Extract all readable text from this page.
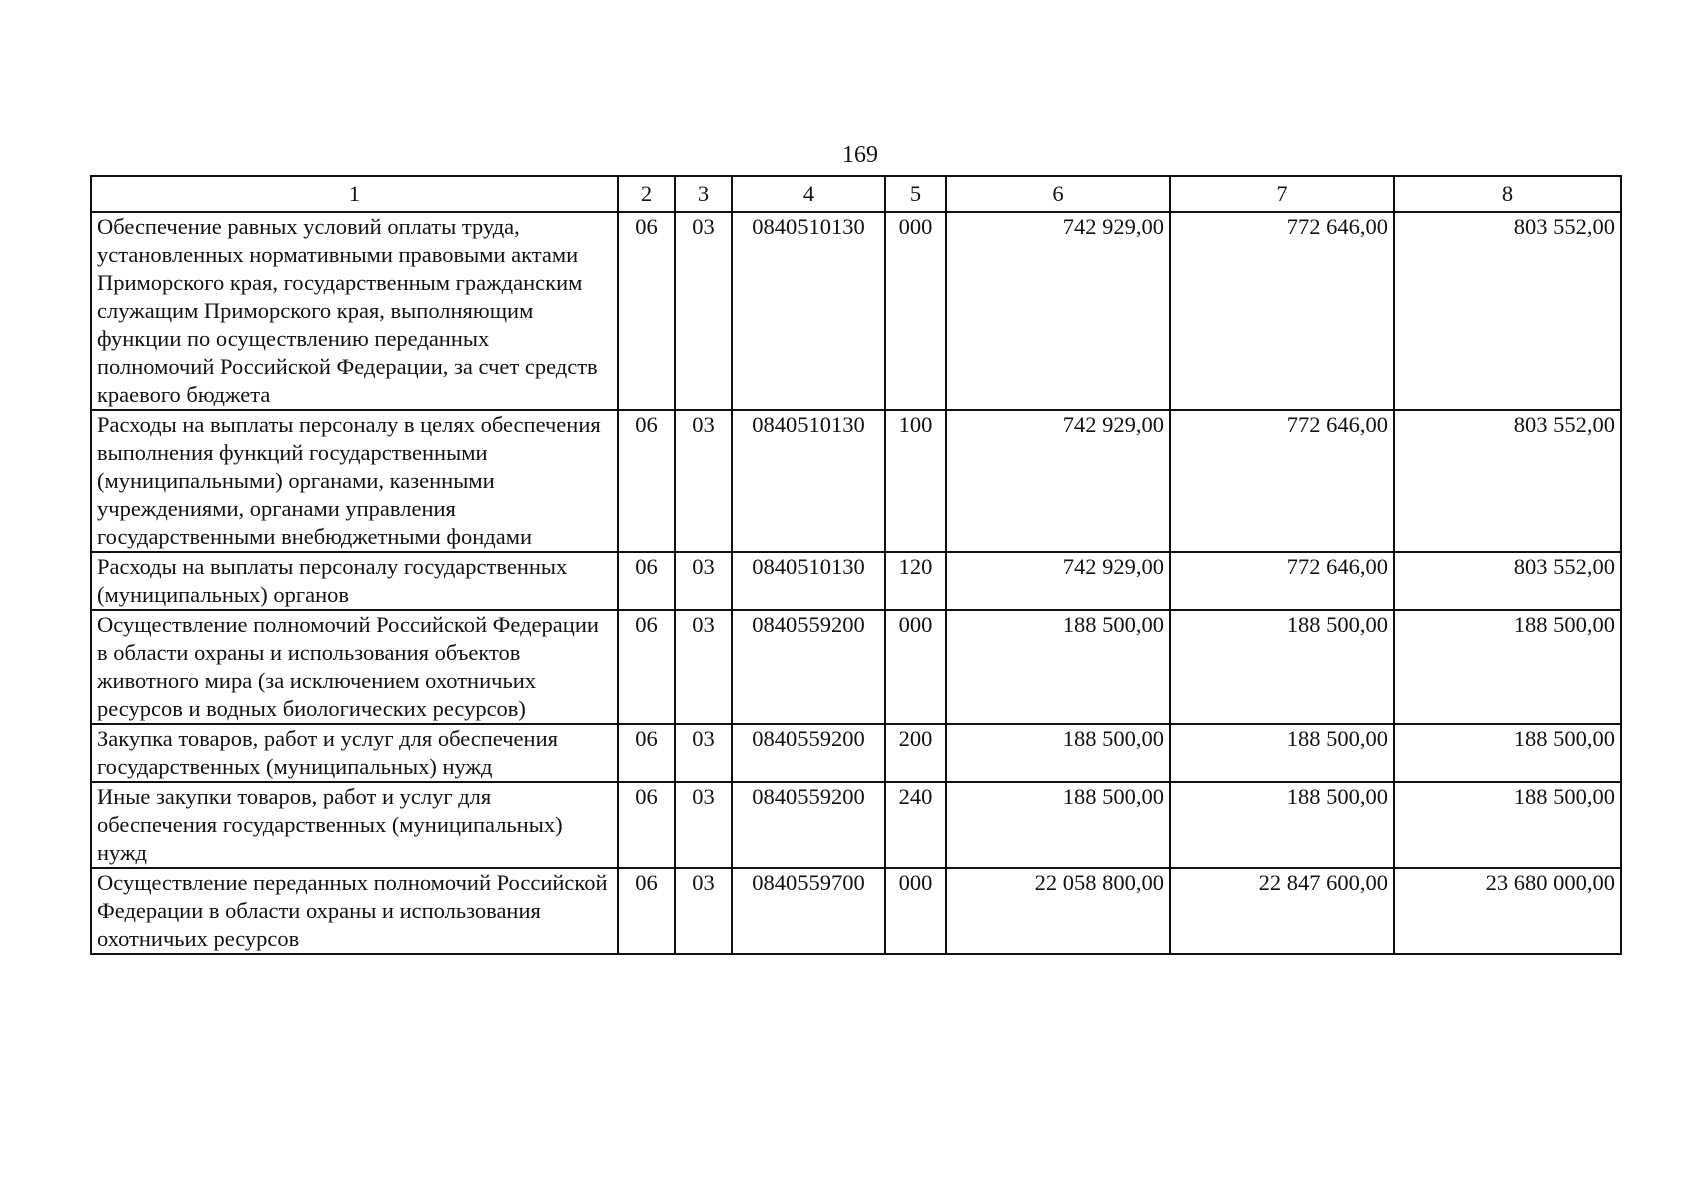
169
1	2	3	4	5	6	7	8
Обеспечение равных условий оплаты труда, установленных нормативными правовыми актами Приморского края, государственным гражданским служащим Приморского края, выполняющим функции по осуществлению переданных полномочий Российской Федерации, за счет средств краевого бюджета	06	03	0840510130	000	742 929,00	772 646,00	803 552,00
Расходы на выплаты персоналу в целях обеспечения выполнения функций государственными (муниципальными) органами, казенными учреждениями, органами управления государственными внебюджетными фондами	06	03	0840510130	100	742 929,00	772 646,00	803 552,00
Расходы на выплаты персоналу государственных (муниципальных) органов	06	03	0840510130	120	742 929,00	772 646,00	803 552,00
Осуществление полномочий Российской Федерации в области охраны и использования объектов животного мира (за исключением охотничьих ресурсов и водных биологических ресурсов)	06	03	0840559200	000	188 500,00	188 500,00	188 500,00
Закупка товаров, работ и услуг для обеспечения государственных (муниципальных) нужд	06	03	0840559200	200	188 500,00	188 500,00	188 500,00
Иные закупки товаров, работ и услуг для обеспечения государственных (муниципальных) нужд	06	03	0840559200	240	188 500,00	188 500,00	188 500,00
Осуществление переданных полномочий Российской Федерации в области охраны и использования охотничьих ресурсов	06	03	0840559700	000	22 058 800,00	22 847 600,00	23 680 000,00
